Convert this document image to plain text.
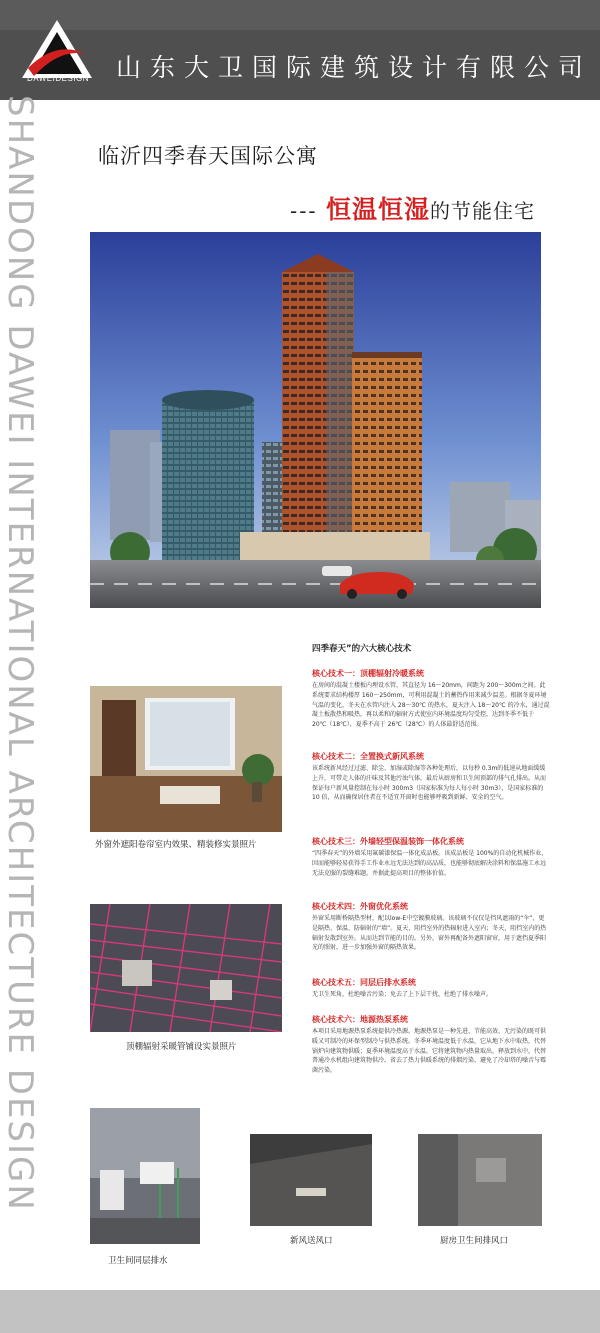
DAWEIDESIGN	山东大卫国际建筑设计有限公司
SHANDONG DAWEI INTERNATIONAL ARCHITECTURE DESIGN	临沂四季春天国际公寓
--- 恒温恒湿的节能住宅
四季春天”的六大核心技术
核心技术一：顶棚辐射冷暖系统
在房间的混凝土楼板内埋设水管，其直径为 16～20mm，间距为 200～300m之间。此系统要求结构楼厚 160～250mm，可利用混凝土的蓄热作用来减少温差。根据冬夏环境气温的变化，冬天在水管内注入 28～30℃ 的热水，夏天注入 18～20℃ 的冷水，通过混凝土板散热和吸热，再以柔和的辐射方式使室内环境温度均匀受控，达到冬季不低于 20℃（18℃），夏季不高于 26℃（28℃）的人体最舒适范围。
核心技术二：全置换式新风系统
该系统新风经过过滤、除尘、加湿或除湿等各种处理后，以每秒 0.3m的低速从地面缓缓上升，可带走人体的汗味及其他污浊气体，最后从厨房和卫生间顶部的排气孔排出。从而保证每户新风量控制在每小时 300m3（国家标准为每人每小时 30m3），是国家标准的 10 倍，从而确保居住者在不适宜开窗时也能够呼吸到新鲜、安全的空气。
核心技术三：外墙轻型保温装饰一体化系统
“四季春天”的外墙采用氟碳漆保温一体化成品板。该成品板是 100%的自动化机械作业，因而能够轻易获得手工作业永远无法达到的高品质，也能够彻底解决涂料和保温施工永远无法克服的裂缝难题，并据此提高项目的整体价值。
核心技术四：外窗优化系统
外窗采用断桥隔热型材，配以low-E中空镀膜玻璃。该玻璃不仅仅是挡风遮雨的“伞”，更是隔热、保温、防辐射的“墙”。夏天，阻挡室外的热辐射进入室内；冬天，阻挡室内的热辐射发散到室外。从而达到节能的目的。另外，窗外再配备外遮阳窗帘，用于遮挡夏季阳光的照射，进一步加强外窗的隔热效果。
核心技术五：同层后排水系统
无卫生死角，杜绝噪音污染；免去了上下层干扰，杜绝了排水噪声。
核心技术六：地源热泵系统
本项目采用地源热泵系统提供冷热源。地源热泵是一种先进、节能高效、无污染的既可供暖又可制冷的环保型制冷与供热系统。冬季环境温度低于水温，它从地下水中取热，代替锅炉向建筑物供暖；夏季环境温度高于水温，它将建筑物内热量取出，释放到水中，代替普通冷水机组向建筑物供冷。省去了热力供暖系统的排烟污染、避免了冷却塔的噪音与霉菌污染。
外窗外遮阳卷帘室内效果、精装修实景照片
顶棚辐射采暖管铺设实景照片
卫生间同层排水
新风送风口	厨房卫生间排风口
